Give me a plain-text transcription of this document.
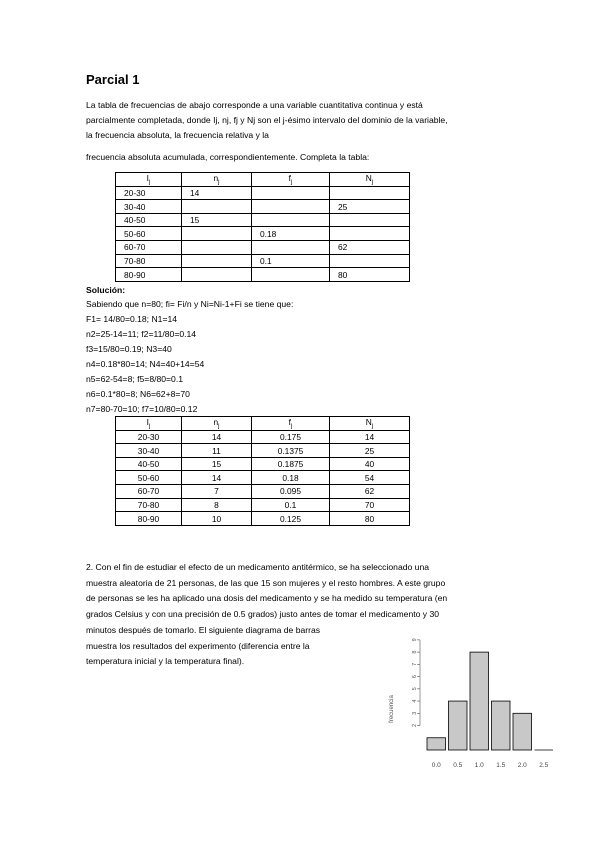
Parcial 1
La tabla de frecuencias de abajo corresponde a una variable cuantitativa continua y está
parcialmente completada, donde Ij, nj, fj y Nj son el j-ésimo intervalo del dominio de la variable,
la frecuencia absoluta, la frecuencia relativa y la
frecuencia absoluta acumulada, correspondientemente. Completa la tabla:
$I_j$	$n_j$	$f_j$	$N_j$
20-30	14		
30-40			25
40-50	15		
50-60		0.18	
60-70			62
70-80		0.1	
80-90			80
Solución:
Sabiendo que n=80; fi= Fi/n y Ni=Ni-1+Fi se tiene que:
F1= 14/80=0.18; N1=14
n2=25-14=11; f2=11/80=0.14
f3=15/80=0.19; N3=40
n4=0.18*80=14; N4=40+14=54
n5=62-54=8; f5=8/80=0.1
n6=0.1*80=8; N6=62+8=70
n7=80-70=10; f7=10/80=0.12
$I_j$	$n_j$	$f_j$	$N_j$
20-30	14	0.175	14
30-40	11	0.1375	25
40-50	15	0.1875	40
50-60	14	0.18	54
60-70	7	0.095	62
70-80	8	0.1	70
80-90	10	0.125	80
2. Con el fin de estudiar el efecto de un medicamento antitérmico, se ha seleccionado una
muestra aleatoria de 21 personas, de las que 15 son mujeres y el resto hombres. A este grupo
de personas se les ha aplicado una dosis del medicamento y se ha medido su temperatura (en
grados Celsius y con una precisión de 0.5 grados) justo antes de tomar el medicamento y 30
minutos después de tomarlo. El siguiente diagrama de barras
muestra los resultados del experimento (diferencia entre la
temperatura inicial y la temperatura final).
2
3
4
5
6
7
8
9
0.0 0.5 1.0 1.5 2.0 2.5
frecuencia
